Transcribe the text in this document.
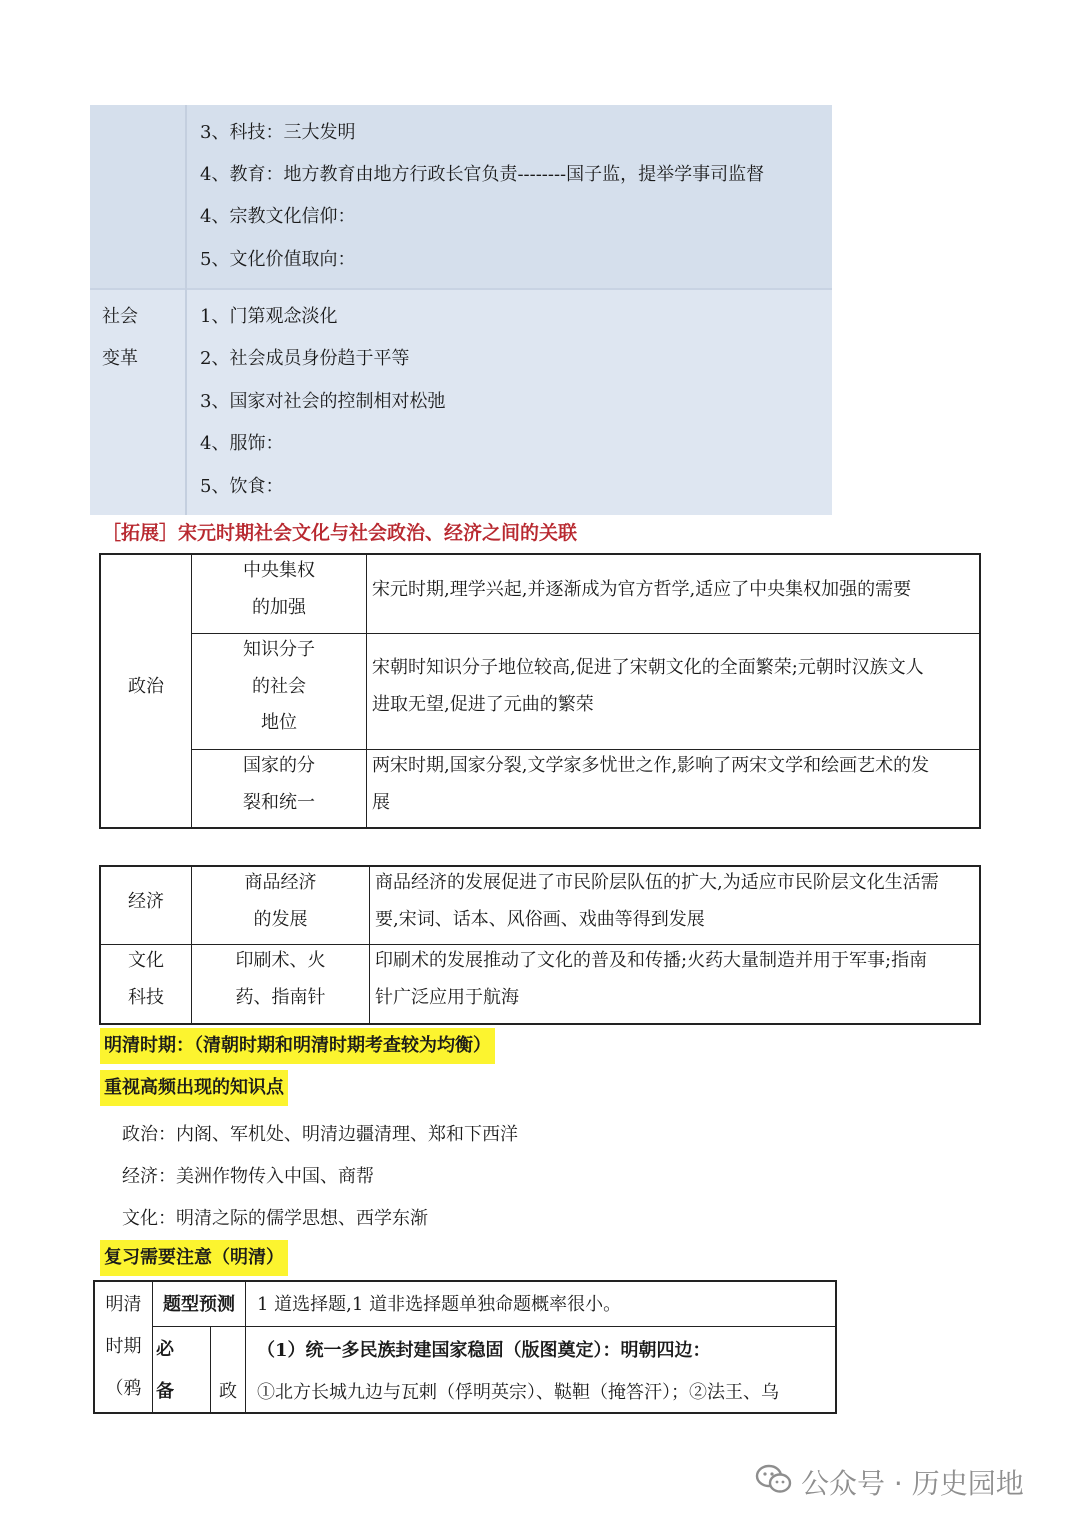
3、科技：三大发明
4、教育：地方教育由地方行政长官负责--------国子监，提举学事司监督
4、宗教文化信仰：
5、文化价值取向：
社会
变革
1、门第观念淡化
2、社会成员身份趋于平等
3、国家对社会的控制相对松弛
4、服饰：
5、饮食：
［拓展］宋元时期社会文化与社会政治、经济之间的关联
政治
中央集权
的加强
宋元时期,理学兴起,并逐渐成为官方哲学,适应了中央集权加强的需要
知识分子
的社会
地位
宋朝时知识分子地位较高,促进了宋朝文化的全面繁荣;元朝时汉族文人
进取无望,促进了元曲的繁荣
国家的分
裂和统一
两宋时期,国家分裂,文学家多忧世之作,影响了两宋文学和绘画艺术的发
展
经济
商品经济
的发展
商品经济的发展促进了市民阶层队伍的扩大,为适应市民阶层文化生活需
要,宋词、话本、风俗画、戏曲等得到发展
文化
科技
印刷术、火
药、指南针
印刷术的发展推动了文化的普及和传播;火药大量制造并用于军事;指南
针广泛应用于航海
明清时期：（清朝时期和明清时期考查较为均衡）
重视高频出现的知识点
政治：内阁、军机处、明清边疆清理、郑和下西洋
经济：美洲作物传入中国、商帮
文化：明清之际的儒学思想、西学东渐
复习需要注意（明清）
明清
时期
（鸦
题型预测	1 道选择题,1 道非选择题单独命题概率很小。
必
备	政
（1）统一多民族封建国家稳固（版图奠定）：明朝四边：
①北方长城九边与瓦剌（俘明英宗）、鞑靼（掩答汗）；②法王、乌
公众号 · 历史园地
